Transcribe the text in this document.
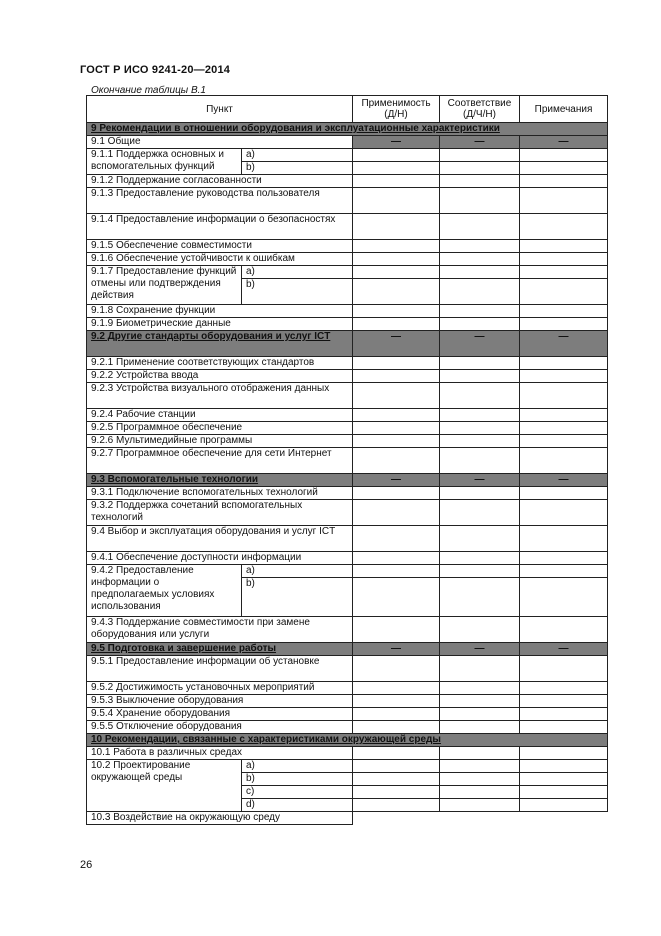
ГОСТ Р ИСО 9241-20—2014
Окончание таблицы В.1
Пункт		Применимость (Д/Н)	Соответствие (Д/Ч/Н)	Примечания
9 Рекомендации в отношении оборудования и эксплуатационные характеристики				
9.1 Общие		—	—	—
9.1.1 Поддержка основных и вспомогательных функций	a)			
	b)			
9.1.2 Поддержание согласованности				
9.1.3 Предоставление руководства пользователя				
9.1.4 Предоставление информации о безопасностях				
9.1.5 Обеспечение совместимости				
9.1.6 Обеспечение устойчивости к ошибкам				
9.1.7 Предоставление функций отмены или подтверждения действия	a)			
	b)			
9.1.8 Сохранение функции				
9.1.9 Биометрические данные				
9.2 Другие стандарты оборудования и услуг ICT		—	—	—
9.2.1 Применение соответствующих стандартов				
9.2.2 Устройства ввода				
9.2.3 Устройства визуального отображения данных				
9.2.4 Рабочие станции				
9.2.5 Программное обеспечение				
9.2.6 Мультимедийные программы				
9.2.7 Программное обеспечение для сети Интернет				
9.3 Вспомогательные технологии		—	—	—
9.3.1 Подключение вспомогательных технологий				
9.3.2 Поддержка сочетаний вспомогательных технологий				
9.4 Выбор и эксплуатация оборудования и услуг ICT				
9.4.1 Обеспечение доступности информации				
9.4.2 Предоставление информации о предполагаемых условиях использования	a)			
	b)			
9.4.3 Поддержание совместимости при замене оборудования или услуги				
9.5 Подготовка и завершение работы		—	—	—
9.5.1 Предоставление информации об установке				
9.5.2 Достижимость установочных мероприятий				
9.5.3 Выключение оборудования				
9.5.4 Хранение оборудования				
9.5.5 Отключение оборудования				
10 Рекомендации, связанные с характеристиками окружающей среды				
10.1 Работа в различных средах				
10.2 Проектирование окружающей среды	a)			
	b)			
	c)			
	d)			
10.3 Воздействие на окружающую среду				
26
